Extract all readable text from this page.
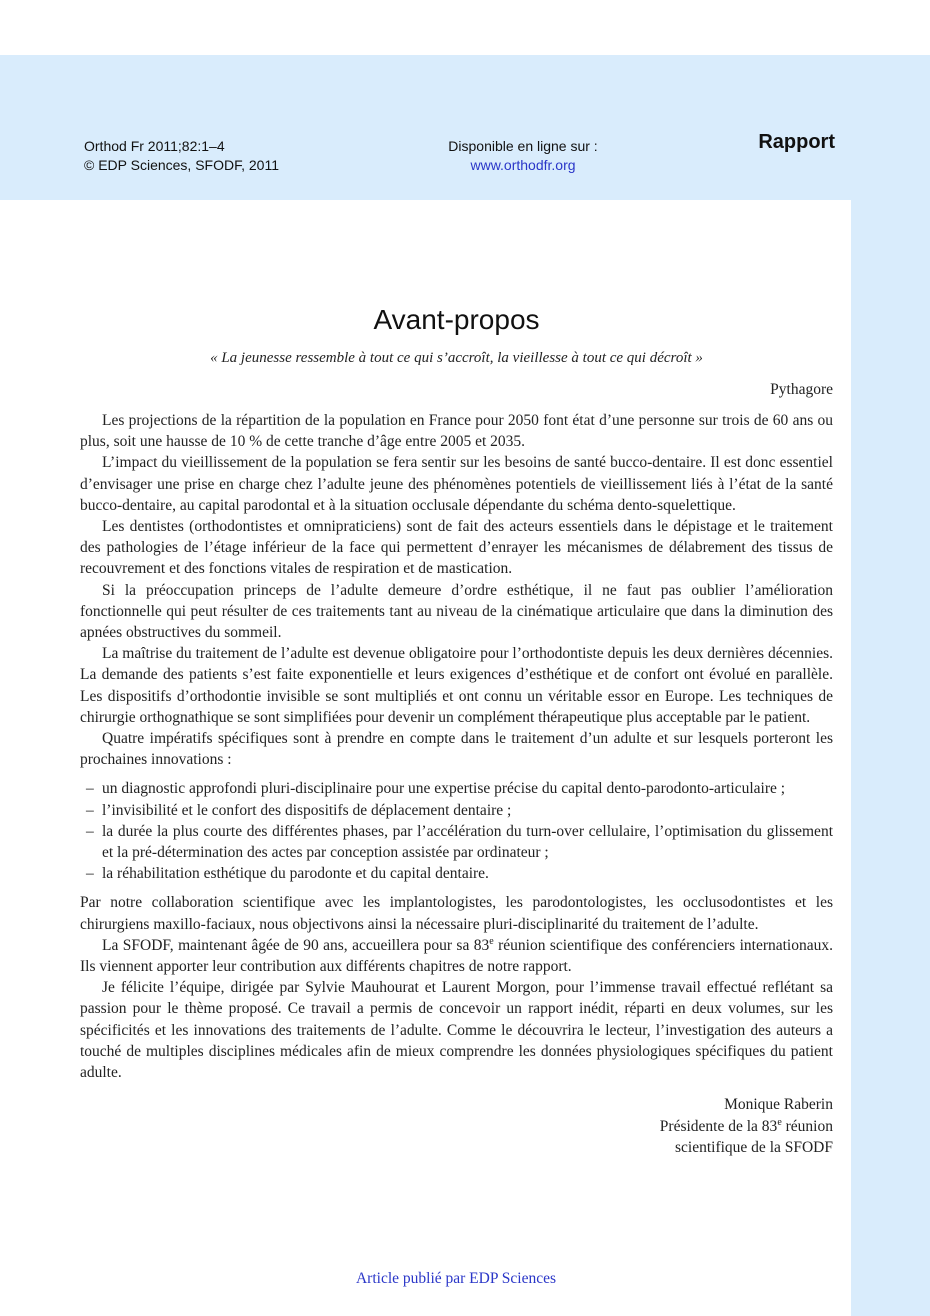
Orthod Fr 2011;82:1–4
© EDP Sciences, SFODF, 2011
Disponible en ligne sur :
www.orthodfr.org
Rapport
Avant-propos
« La jeunesse ressemble à tout ce qui s’accroît, la vieillesse à tout ce qui décroît »
Pythagore

Les projections de la répartition de la population en France pour 2050 font état d’une personne sur trois de 60 ans ou plus, soit une hausse de 10 % de cette tranche d’âge entre 2005 et 2035.

L’impact du vieillissement de la population se fera sentir sur les besoins de santé bucco-dentaire. Il est donc essentiel d’envisager une prise en charge chez l’adulte jeune des phénomènes potentiels de vieillissement liés à l’état de la santé bucco-dentaire, au capital parodontal et à la situation occlusale dépendante du schéma dento-squelettique.

Les dentistes (orthodontistes et omnipraticiens) sont de fait des acteurs essentiels dans le dépistage et le traitement des pathologies de l’étage inférieur de la face qui permettent d’enrayer les mécanismes de délabrement des tissus de recouvrement et des fonctions vitales de respiration et de mastication.

Si la préoccupation princeps de l’adulte demeure d’ordre esthétique, il ne faut pas oublier l’amélioration fonctionnelle qui peut résulter de ces traitements tant au niveau de la cinématique articulaire que dans la diminution des apnées obstructives du sommeil.

La maîtrise du traitement de l’adulte est devenue obligatoire pour l’orthodontiste depuis les deux dernières décennies. La demande des patients s’est faite exponentielle et leurs exigences d’esthétique et de confort ont évolué en parallèle. Les dispositifs d’orthodontie invisible se sont multipliés et ont connu un véritable essor en Europe. Les techniques de chirurgie orthognathique se sont simplifiées pour devenir un complément thérapeutique plus acceptable par le patient.

Quatre impératifs spécifiques sont à prendre en compte dans le traitement d’un adulte et sur lesquels porteront les prochaines innovations :

– un diagnostic approfondi pluri-disciplinaire pour une expertise précise du capital dento-parodonto-articulaire ;
– l’invisibilité et le confort des dispositifs de déplacement dentaire ;
– la durée la plus courte des différentes phases, par l’accélération du turn-over cellulaire, l’optimisation du glissement et la pré-détermination des actes par conception assistée par ordinateur ;
– la réhabilitation esthétique du parodonte et du capital dentaire.

Par notre collaboration scientifique avec les implantologistes, les parodontologistes, les occlusodontistes et les chirurgiens maxillo-faciaux, nous objectivons ainsi la nécessaire pluri-disciplinarité du traitement de l’adulte.

La SFODF, maintenant âgée de 90 ans, accueillera pour sa 83e réunion scientifique des conférenciers internationaux. Ils viennent apporter leur contribution aux différents chapitres de notre rapport.

Je félicite l’équipe, dirigée par Sylvie Mauhourat et Laurent Morgon, pour l’immense travail effectué reflétant sa passion pour le thème proposé. Ce travail a permis de concevoir un rapport inédit, réparti en deux volumes, sur les spécificités et les innovations des traitements de l’adulte. Comme le découvrira le lecteur, l’investigation des auteurs a touché de multiples disciplines médicales afin de mieux comprendre les données physiologiques spécifiques du patient adulte.

Monique Raberin
Présidente de la 83e réunion
scientifique de la SFODF
Article publié par EDP Sciences
